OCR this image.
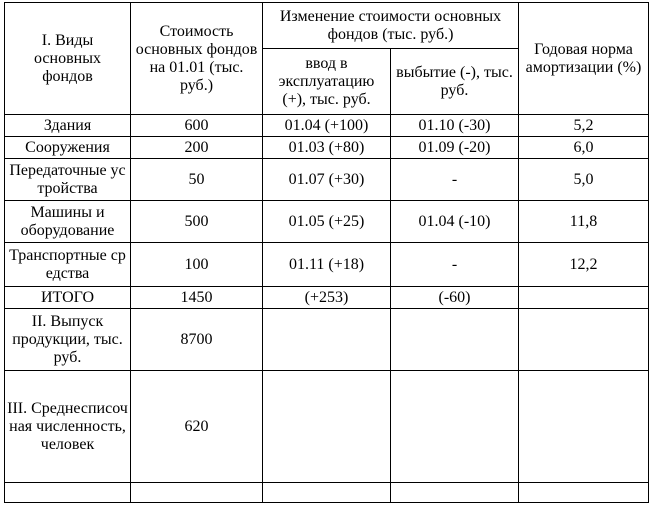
I. Виды основных фондов	Стоимость основных фондов на 01.01 (тыс. руб.)	Изменение стоимости основных фондов (тыс. руб.)		Годовая норма амортизации (%)
		ввод в эксплуатацию (+), тыс. руб.	выбытие (-), тыс. руб.	
Здания	600	01.04 (+100)	01.10 (-30)	5,2
Сооружения	200	01.03 (+80)	01.09 (-20)	6,0
Передаточные устройства	50	01.07 (+30)	-	5,0
Машины и оборудование	500	01.05 (+25)	01.04 (-10)	11,8
Транспортные средства	100	01.11 (+18)	-	12,2
ИТОГО	1450	(+253)	(-60)	
II. Выпуск продукции, тыс. руб.	8700			
III. Среднесписочная численность, человек	620			
